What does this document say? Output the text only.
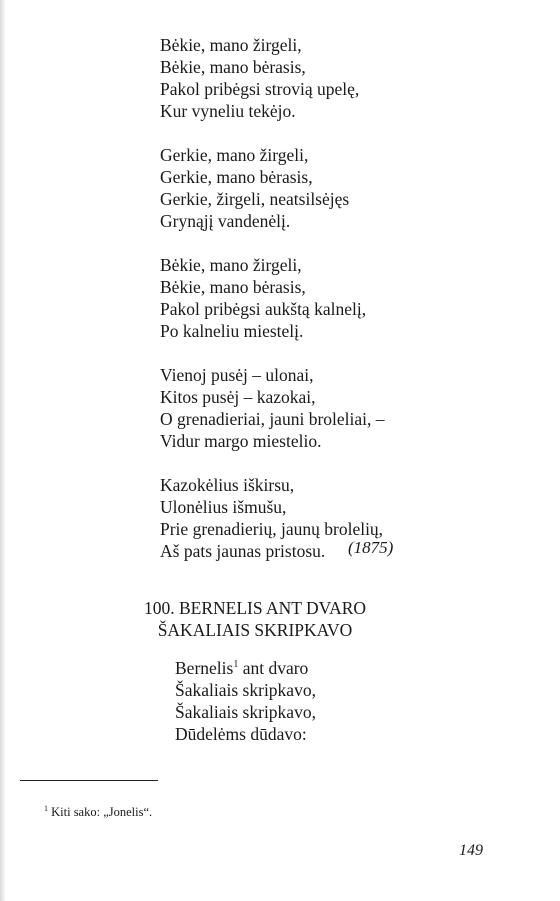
Bėkie, mano žirgeli,
Bėkie, mano bėrasis,
Pakol pribėgsi strovią upelę,
Kur vyneliu tekėjo.
Gerkie, mano žirgeli,
Gerkie, mano bėrasis,
Gerkie, žirgeli, neatsilsėjęs
Grynąjį vandenėlį.
Bėkie, mano žirgeli,
Bėkie, mano bėrasis,
Pakol pribėgsi aukštą kalnelį,
Po kalneliu miestelį.
Vienoj pusėj – ulonai,
Kitos pusėj – kazokai,
O grenadieriai, jauni broleliai, –
Vidur margo miestelio.
Kazokėlius iškirsu,
Ulonėlius išmušu,
Prie grenadierių, jaunų brolelių,
Aš pats jaunas pristosu.	(1875)
100. BERNELIS ANT DVARO
ŠAKALIAIS SKRIPKAVO
Bernelis$^1$ ant dvaro
Šakaliais skripkavo,
Šakaliais skripkavo,
Dūdelėms dūdavo:
$^1$ Kiti sako: „Jonelis“.
149
